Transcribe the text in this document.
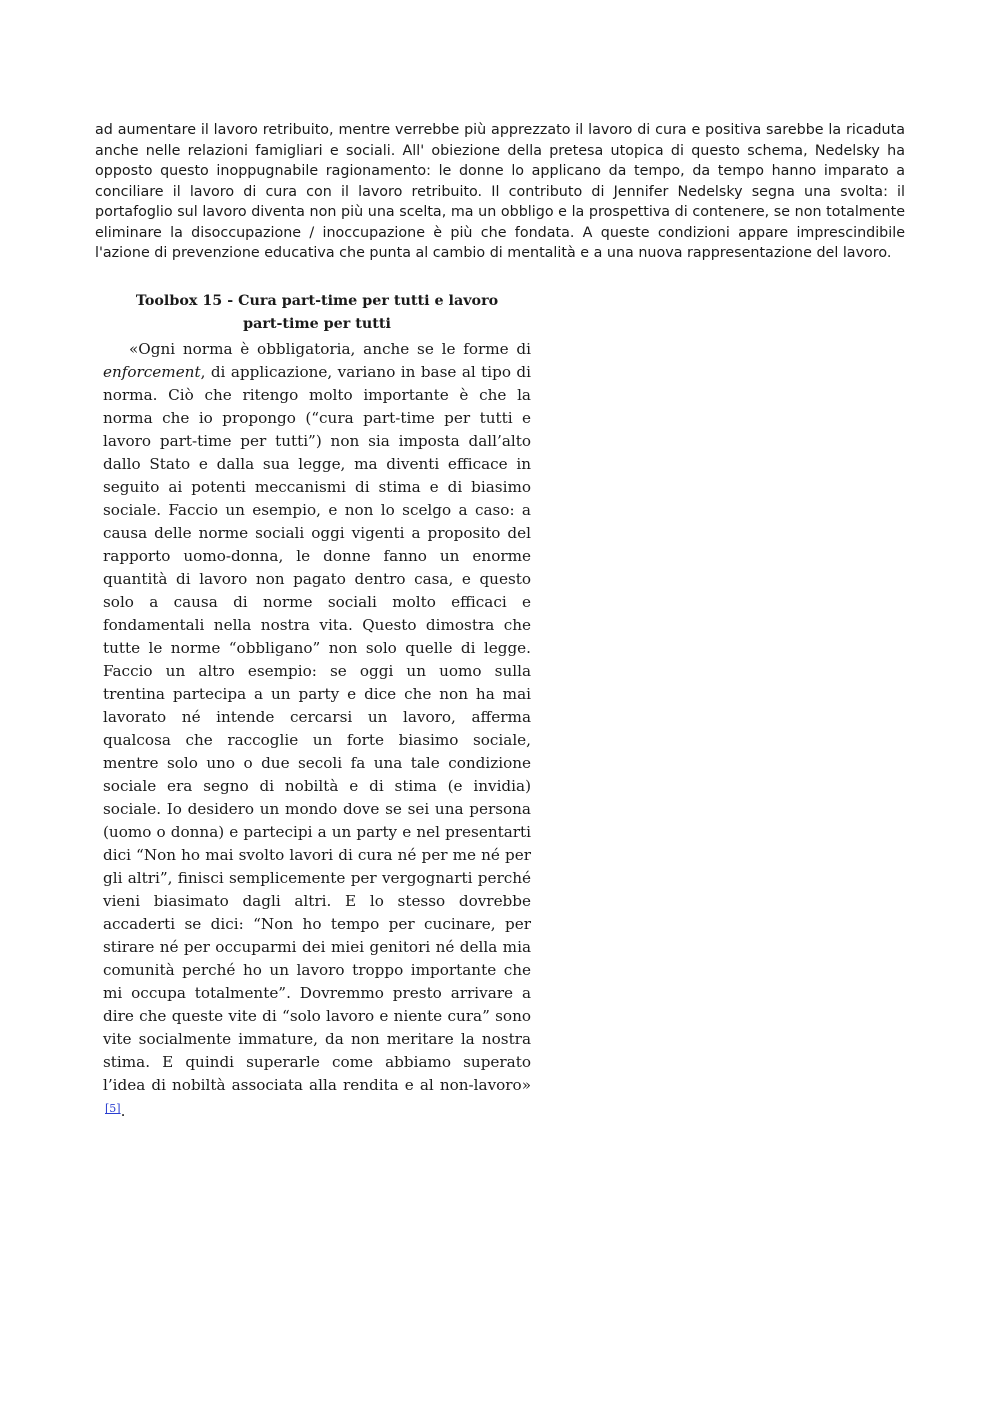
ad aumentare il lavoro retribuito, mentre verrebbe più apprezzato il lavoro di cura e positiva sarebbe la ricaduta anche nelle relazioni famigliari e sociali. All' obiezione della pretesa utopica di questo schema, Nedelsky ha opposto questo inoppugnabile ragionamento: le donne lo applicano da tempo, da tempo hanno imparato a conciliare il lavoro di cura con il lavoro retribuito. Il contributo di Jennifer Nedelsky segna una svolta: il portafoglio sul lavoro diventa non più una scelta, ma un obbligo e la prospettiva di contenere, se non totalmente eliminare la disoccupazione / inoccupazione è più che fondata. A queste condizioni appare imprescindibile l'azione di prevenzione educativa che punta al cambio di mentalità e a una nuova rappresentazione del lavoro.

Toolbox 15 - Cura part-time per tutti e lavoro part-time per tutti

«Ogni norma è obbligatoria, anche se le forme di enforcement, di applicazione, variano in base al tipo di norma. Ciò che ritengo molto importante è che la norma che io propongo (“cura part-time per tutti e lavoro part-time per tutti”) non sia imposta dall’alto dallo Stato e dalla sua legge, ma diventi efficace in seguito ai potenti meccanismi di stima e di biasimo sociale. Faccio un esempio, e non lo scelgo a caso: a causa delle norme sociali oggi vigenti a proposito del rapporto uomo-donna, le donne fanno un enorme quantità di lavoro non pagato dentro casa, e questo solo a causa di norme sociali molto efficaci e fondamentali nella nostra vita. Questo dimostra che tutte le norme “obbligano” non solo quelle di legge. Faccio un altro esempio: se oggi un uomo sulla trentina partecipa a un party e dice che non ha mai lavorato né intende cercarsi un lavoro, afferma qualcosa che raccoglie un forte biasimo sociale, mentre solo uno o due secoli fa una tale condizione sociale era segno di nobiltà e di stima (e invidia) sociale. Io desidero un mondo dove se sei una persona (uomo o donna) e partecipi a un party e nel presentarti dici “Non ho mai svolto lavori di cura né per me né per gli altri”, finisci semplicemente per vergognarti perché vieni biasimato dagli altri. E lo stesso dovrebbe accaderti se dici: “Non ho tempo per cucinare, per stirare né per occuparmi dei miei genitori né della mia comunità perché ho un lavoro troppo importante che mi occupa totalmente”. Dovremmo presto arrivare a dire che queste vite di “solo lavoro e niente cura” sono vite socialmente immature, da non meritare la nostra stima. E quindi superarle come abbiamo superato l’idea di nobiltà associata alla rendita e al non-lavoro» [5].
